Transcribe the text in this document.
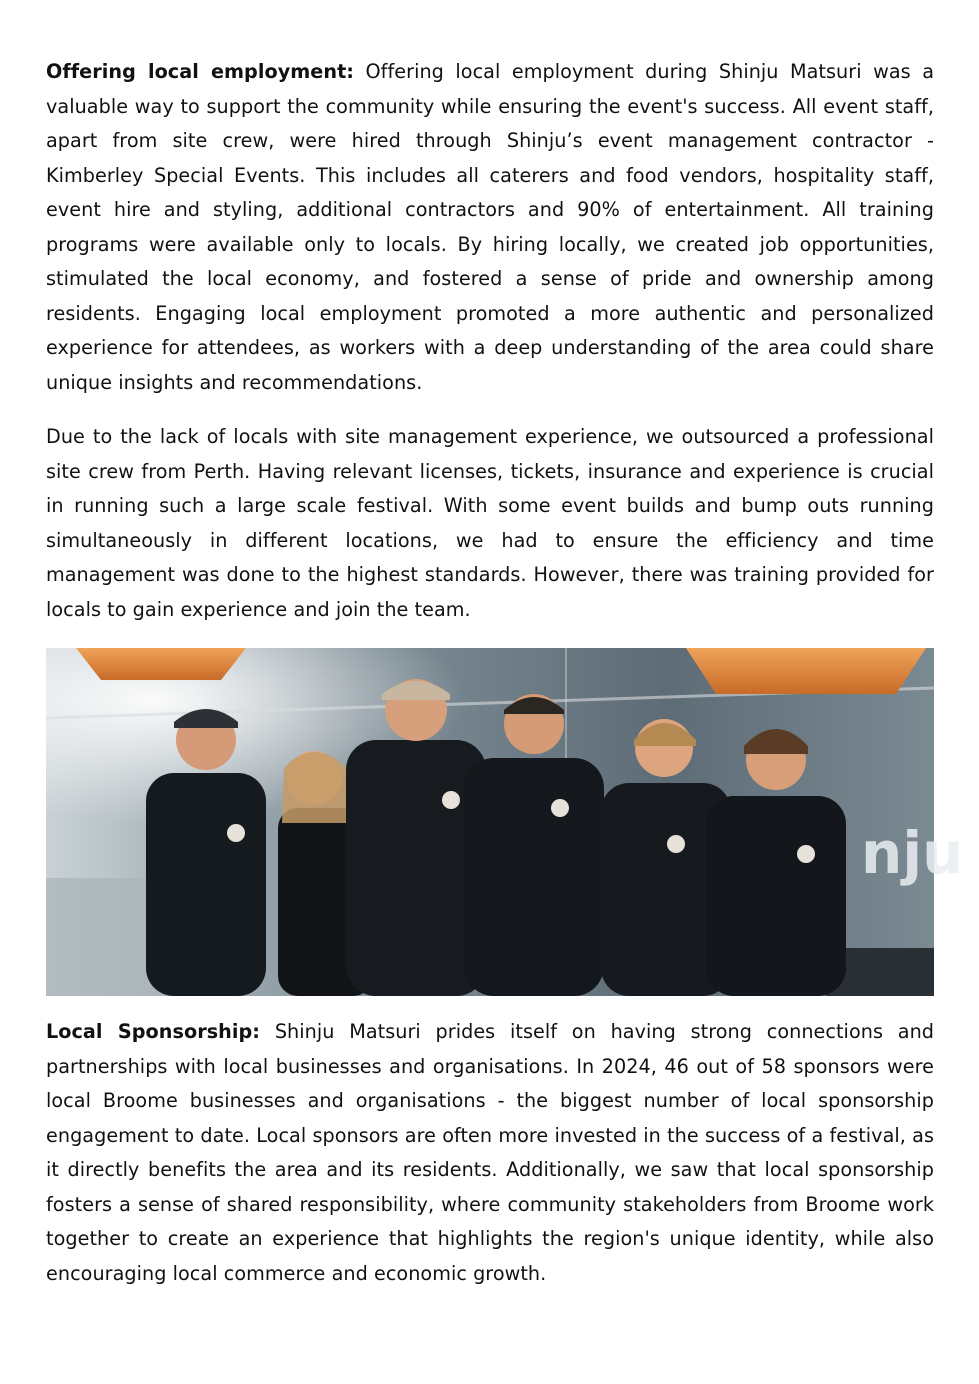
Offering local employment: Offering local employment during Shinju Matsuri was a valuable way to support the community while ensuring the event's success. All event staff, apart from site crew, were hired through Shinju’s event management contractor - Kimberley Special Events. This includes all caterers and food vendors, hospitality staff, event hire and styling, additional contractors and 90% of entertainment. All training programs were available only to locals. By hiring locally, we created job opportunities, stimulated the local economy, and fostered a sense of pride and ownership among residents. Engaging local employment promoted a more authentic and personalized experience for attendees, as workers with a deep understanding of the area could share unique insights and recommendations.

Due to the lack of locals with site management experience, we outsourced a professional site crew from Perth. Having relevant licenses, tickets, insurance and experience is crucial in running such a large scale festival. With some event builds and bump outs running simultaneously in different locations, we had to ensure the efficiency and time management was done to the highest standards. However, there was training provided for locals to gain experience and join the team.

nju

Local Sponsorship: Shinju Matsuri prides itself on having strong connections and partnerships with local businesses and organisations. In 2024, 46 out of 58 sponsors were local Broome businesses and organisations - the biggest number of local sponsorship engagement to date. Local sponsors are often more invested in the success of a festival, as it directly benefits the area and its residents. Additionally, we saw that local sponsorship fosters a sense of shared responsibility, where community stakeholders from Broome work together to create an experience that highlights the region's unique identity, while also encouraging local commerce and economic growth.
